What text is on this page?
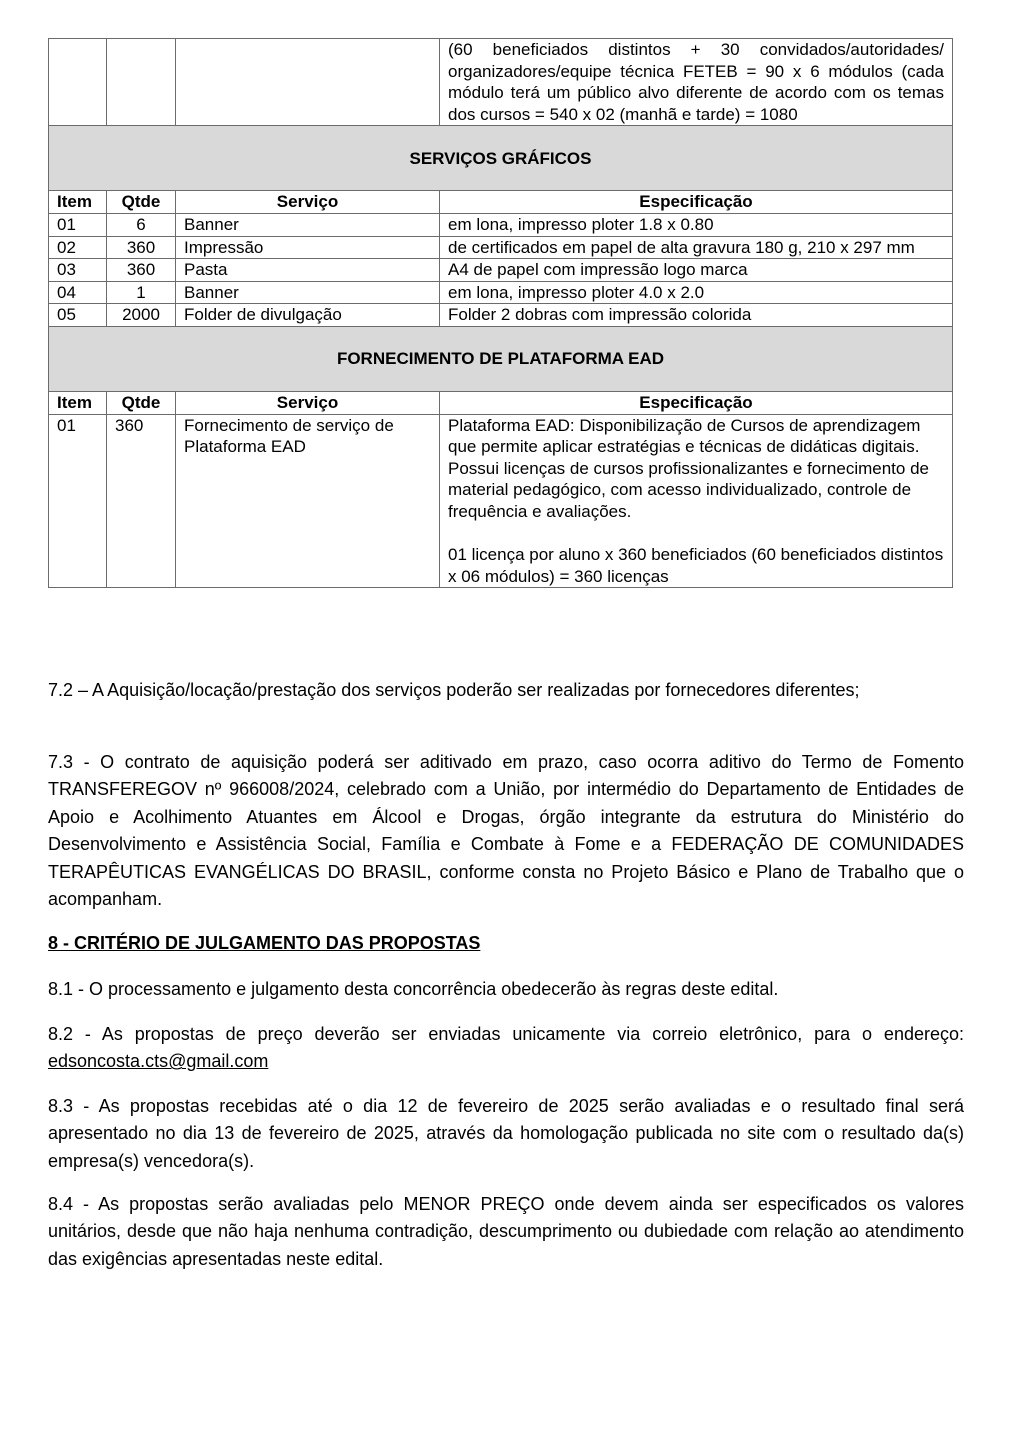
			(60 beneficiados distintos + 30 convidados/autoridades/ organizadores/equipe técnica FETEB = 90 x 6 módulos (cada módulo terá um público alvo diferente de acordo com os temas dos cursos = 540 x 02 (manhã e tarde) = 1080
SERVIÇOS GRÁFICOS			
Item	Qtde	Serviço	Especificação
01	6	Banner	em lona, impresso ploter 1.8 x 0.80
02	360	Impressão	de certificados em papel de alta gravura 180 g, 210 x 297 mm
03	360	Pasta	A4 de papel com impressão logo marca
04	1	Banner	em lona, impresso ploter 4.0 x 2.0
05	2000	Folder de divulgação	Folder 2 dobras com impressão colorida
FORNECIMENTO DE PLATAFORMA EAD			
Item	Qtde	Serviço	Especificação
01	360	Fornecimento de serviço de Plataforma EAD	Plataforma EAD: Disponibilização de Cursos de aprendizagem que permite aplicar estratégias e técnicas de didáticas digitais. Possui licenças de cursos profissionalizantes e fornecimento de material pedagógico, com acesso individualizado, controle de frequência e avaliações.
01 licença por aluno x 360 beneficiados (60 beneficiados distintos x 06 módulos) = 360 licenças

7.2 – A Aquisição/locação/prestação dos serviços poderão ser realizadas por fornecedores diferentes;

7.3 - O contrato de aquisição poderá ser aditivado em prazo, caso ocorra aditivo do Termo de Fomento TRANSFEREGOV nº 966008/2024, celebrado com a União, por intermédio do Departamento de Entidades de Apoio e Acolhimento Atuantes em Álcool e Drogas, órgão integrante da estrutura do Ministério do Desenvolvimento e Assistência Social, Família e Combate à Fome e a FEDERAÇÃO DE COMUNIDADES TERAPÊUTICAS EVANGÉLICAS DO BRASIL, conforme consta no Projeto Básico e Plano de Trabalho que o acompanham.

8 - CRITÉRIO DE JULGAMENTO DAS PROPOSTAS

8.1 - O processamento e julgamento desta concorrência obedecerão às regras deste edital.

8.2 - As propostas de preço deverão ser enviadas unicamente via correio eletrônico, para o endereço: edsoncosta.cts@gmail.com

8.3 - As propostas recebidas até o dia 12 de fevereiro de 2025 serão avaliadas e o resultado final será apresentado no dia 13 de fevereiro de 2025, através da homologação publicada no site com o resultado da(s) empresa(s) vencedora(s).

8.4 - As propostas serão avaliadas pelo MENOR PREÇO onde devem ainda ser especificados os valores unitários, desde que não haja nenhuma contradição, descumprimento ou dubiedade com relação ao atendimento das exigências apresentadas neste edital.
